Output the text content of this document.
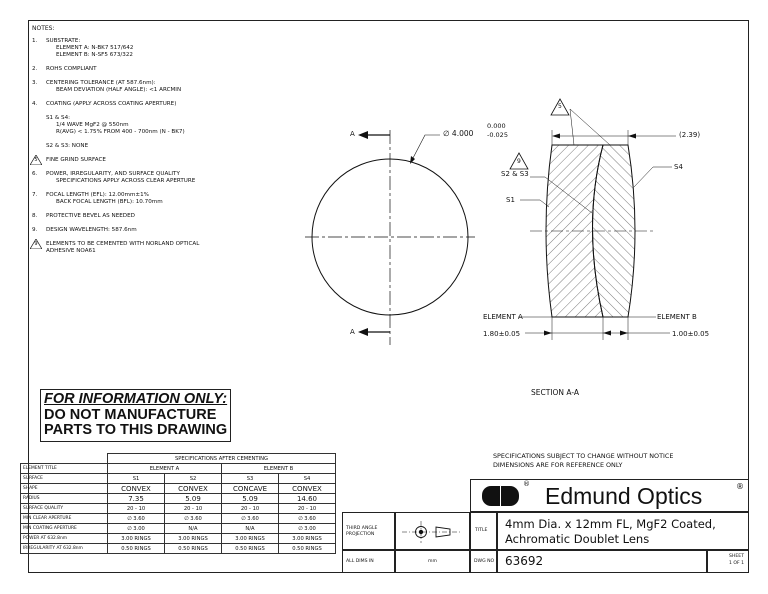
NOTES:
1. SUBSTRATE:
ELEMENT A: N-BK7 517/642
ELEMENT B: N-SF5 673/322
2. ROHS COMPLIANT
3. CENTERING TOLERANCE (AT 587.6nm):
BEAM DEVIATION (HALF ANGLE): <1 ARCMIN
4. COATING (APPLY ACROSS COATING APERTURE)
S1 & S4:
1/4 WAVE MgF2 @ 550nm
R(AVG) < 1.75% FROM 400 - 700nm (N - BK7)
S2 & S3: NONE
5	FINE GRIND SURFACE
6. POWER, IRREGULARITY, AND SURFACE QUALITY
SPECIFICATIONS APPLY ACROSS CLEAR APERTURE
7. FOCAL LENGTH (EFL): 12.00mm±1%
BACK FOCAL LENGTH (BFL): 10.70mm
8. PROTECTIVE BEVEL AS NEEDED
9. DESIGN WAVELENGTH: 587.6nm
9	ELEMENTS TO BE CEMENTED WITH NORLAND OPTICAL
ADHESIVE NOA61
FOR INFORMATION ONLY:
DO NOT MANUFACTURE
PARTS TO THIS DRAWING
A
A
∅ 4.000
0.000
-0.025	(2.39)
5
9
S2 & S3
S1
S4
ELEMENT A	ELEMENT B
1.80±0.05	1.00±0.05
SECTION A-A
	SPECIFICATIONS AFTER CEMENTING			
ELEMENT TITLE	ELEMENT A		ELEMENT B	
SURFACE	S1	S2	S3	S4
SHAPE	CONVEX	CONVEX	CONCAVE	CONVEX
RADIUS	7.35	5.09	5.09	14.60
SURFACE QUALITY	20 - 10	20 - 10	20 - 10	20 - 10
MIN CLEAR APERTURE	∅ 3.60	∅ 3.60	∅ 3.60	∅ 3.60
MIN COATING APERTURE	∅ 3.00	N/A	N/A	∅ 3.00
POWER AT 632.8nm	3.00 RINGS	3.00 RINGS	3.00 RINGS	3.00 RINGS
IRREGULARITY AT 632.8nm	0.50 RINGS	0.50 RINGS	0.50 RINGS	0.50 RINGS
SPECIFICATIONS SUBJECT TO CHANGE WITHOUT NOTICE
DIMENSIONS ARE FOR REFERENCE ONLY
® Edmund Optics	®
THIRD ANGLE PROJECTION
TITLE 4mm Dia. x 12mm FL, MgF2 Coated,
Achromatic Doublet Lens
ALL DIMS IN	mm	DWG NO 63692	SHEET
1 OF 1
